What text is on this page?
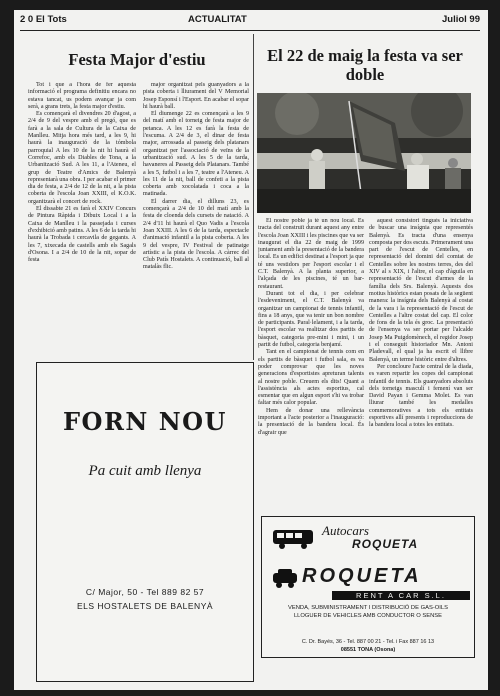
2 0 El Tots	ACTUALITAT	Juliol 99
Festa Major d'estiu

Tot i que a l'hora de fer aquesta informació el programa definitiu encara no estava tancat, us podem avançar ja com serà, a grans trets, la festa major d'estiu.

Es començarà el divendres 20 d'agost, a 2/4 de 9 del vespre amb el pregó, que es farà a la sala de Cultura de la Caixa de Manlleu. Mitja hora més tard, a les 9, hi haurà la inauguració de la tómbola parroquial A les 10 de la nit hi haurà el Correfoc, amb els Diables de Tona, a la Urbanització Sud. A les 11, a l'Ateneu, el grup de Teatre d'Amics de Balenyà representarà una obra. I per acabar el primer dia de festa, a 2/4 de 12 de la nit, a la pista coberta de l'escola Joan XXIII, el K.O.K. organitzarà el concert de rock.

El dissabte 21 es farà el XXIV Concurs de Pintura Ràpida i Dibuix Local i a la Caixa de Manlleu i la passejada i curses d'exhibició amb patins. A les 6 de la tarda hi haurà la Trobada i cercavila de gegants. A les 7, xixecada de castells amb els Sagals d'Osona. I a 2/4 de 10 de la nit, sopar de festa

major organitzat pels guanyadors a la pista coberta i lliurament del V Memorial Josep Esponsí i l'Esport. En acabar el sopar hi haurà ball.

El diumenge 22 es començarà a les 9 del matí amb el torneig de festa major de petanca. A les 12 es farà la festa de l'escuma. A 2/4 de 3, el dinar de festa major, arrossada al passeig dels platanars organitzat per l'associació de veïns de la urbanització sud. A les 5 de la tarda, havaneres al Passeig dels Platanars. També a les 5, futbol i a les 7, teatre a l'Ateneu. A les 11 de la nit, ball de confeti a la pista coberta amb xocolatada i coca a la matinada.

El darrer dia, el dilluns 23, es començarà a 2/4 de 10 del matí amb la festa de cloenda dels cursets de natació. A 2/4 d'11 hi haurà el Quo Vadis a l'escola Joan XXIII. A les 6 de la tarda, espectacle d'animació infantil a la pista coberta. A les 9 del vespre, IV Festival de patinatge artístic a la pista de l'escola. A càrrec del Club Patís Hostalets. A continuació, ball al matalàs flic.

El 22 de maig la festa va ser doble

El nostre poble ja té un nou local. Es tracta del construït durant aquest any entre l'escola Joan XXIII i les piscines que va ser inaugurat el dia 22 de maig de 1999 juntament amb la presentació de la bandera local. Es un edifici destinat a l'esport ja que té uns vestidors per l'esport escolar i el C.T. Balenyà. A la planta superior, a l'alçada de les piscines, té un bar-restaurant.

Durant tot el dia, i per celebrar l'esdeveniment, el C.T. Balenyà va organitzar un campionat de tennis infantil, fins a 18 anys, que va tenir un bon nombre de participants. Paral·lelament, i a la tarda, l'esport escolar va realitzar dos partits de bàsquet, categoria pre-mini i mini, i un partit de futbol, categoria benjamí.

Tant en el campionat de tennis com en els partits de bàsquet i futbol sala, es va poder comprovar que les noves generacions d'esportistes apreturan talents al nostre poble. Creuem els dits! Quant a l'assistència als actes esportius, cal esmentar que en algun esport s'hi va trobar faltar més calor popular.

Hem de donar una rellevància important a l'acte posterior a l'inauguració: la presentació de la bandera local. És d'agrair que

aquest consistori tingués la iniciativa de buscar una insígnia que representés Balenyà. Es tracta d'una ensenya composta per dos escuts. Primerament una part de l'escut de Centelles, en representació del domini del comtat de Centelles sobre les nostres terres, des del XIV al s XIX, i l'altre, el cap d'àguila en representació de l'escut d'armes de la família dels Srs. Balenyà. Aquests dos motius històrics estan posats de la següent manera: la insígnia dels Balenyà al costat de la vara i la representació de l'escut de Centelles a l'altre costat del cap. El color de fons de la tela és groc. La presentació de l'ensenya va ser portar per l'alcalde Josep Ma Puigdomènech, el regidor Josep i el conseguit historiador Mn. Antoni Pladevall, el qual ja ha escrit el llibre Balenyà, un terme històric entre d'altres.

Per concloure l'acte central de la diada, es varen repartir les copes del campionat infantil de tennis. Els guanyadors absoluts dels torneigs masculí i femení van ser David Payan i Gemma Molet. Es van lliurar també les medalles commemoratives a tots els entitats esportives allí presents i reproduccions de la bandera local a totes les entitats.

FORN NOU
Pa cuit amb llenya
C/ Major, 50 - Tel 889 82 57
ELS HOSTALETS DE BALENYÀ
Autocars
ROQUETA
ROQUETA
RENT A CAR S.L.
VENDA, SUBMINISTRAMENT I DISTRIBUCIÓ DE GAS-OILS
LLOGUER DE VEHICLES AMB CONDUCTOR O SENSE
C. Dr. Bayés, 36 - Tel. 887 00 21 - Tel. i Fax 887 16 13
08551 TONA (Osona)
